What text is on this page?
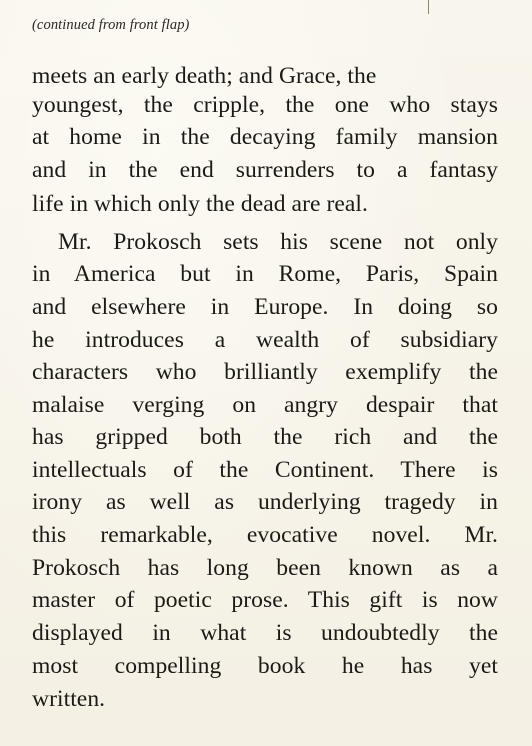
(continued from front flap)
meets an early death; and Grace, the
youngest, the cripple, the one who stays
at home in the decaying family mansion
and in the end surrenders to a fantasy
life in which only the dead are real.
Mr. Prokosch sets his scene not only
in America but in Rome, Paris, Spain
and elsewhere in Europe. In doing so
he introduces a wealth of subsidiary
characters who brilliantly exemplify the
malaise verging on angry despair that
has gripped both the rich and the
intellectuals of the Continent. There is
irony as well as underlying tragedy in
this remarkable, evocative novel. Mr.
Prokosch has long been known as a
master of poetic prose. This gift is now
displayed in what is undoubtedly the
most compelling book he has yet
written.
